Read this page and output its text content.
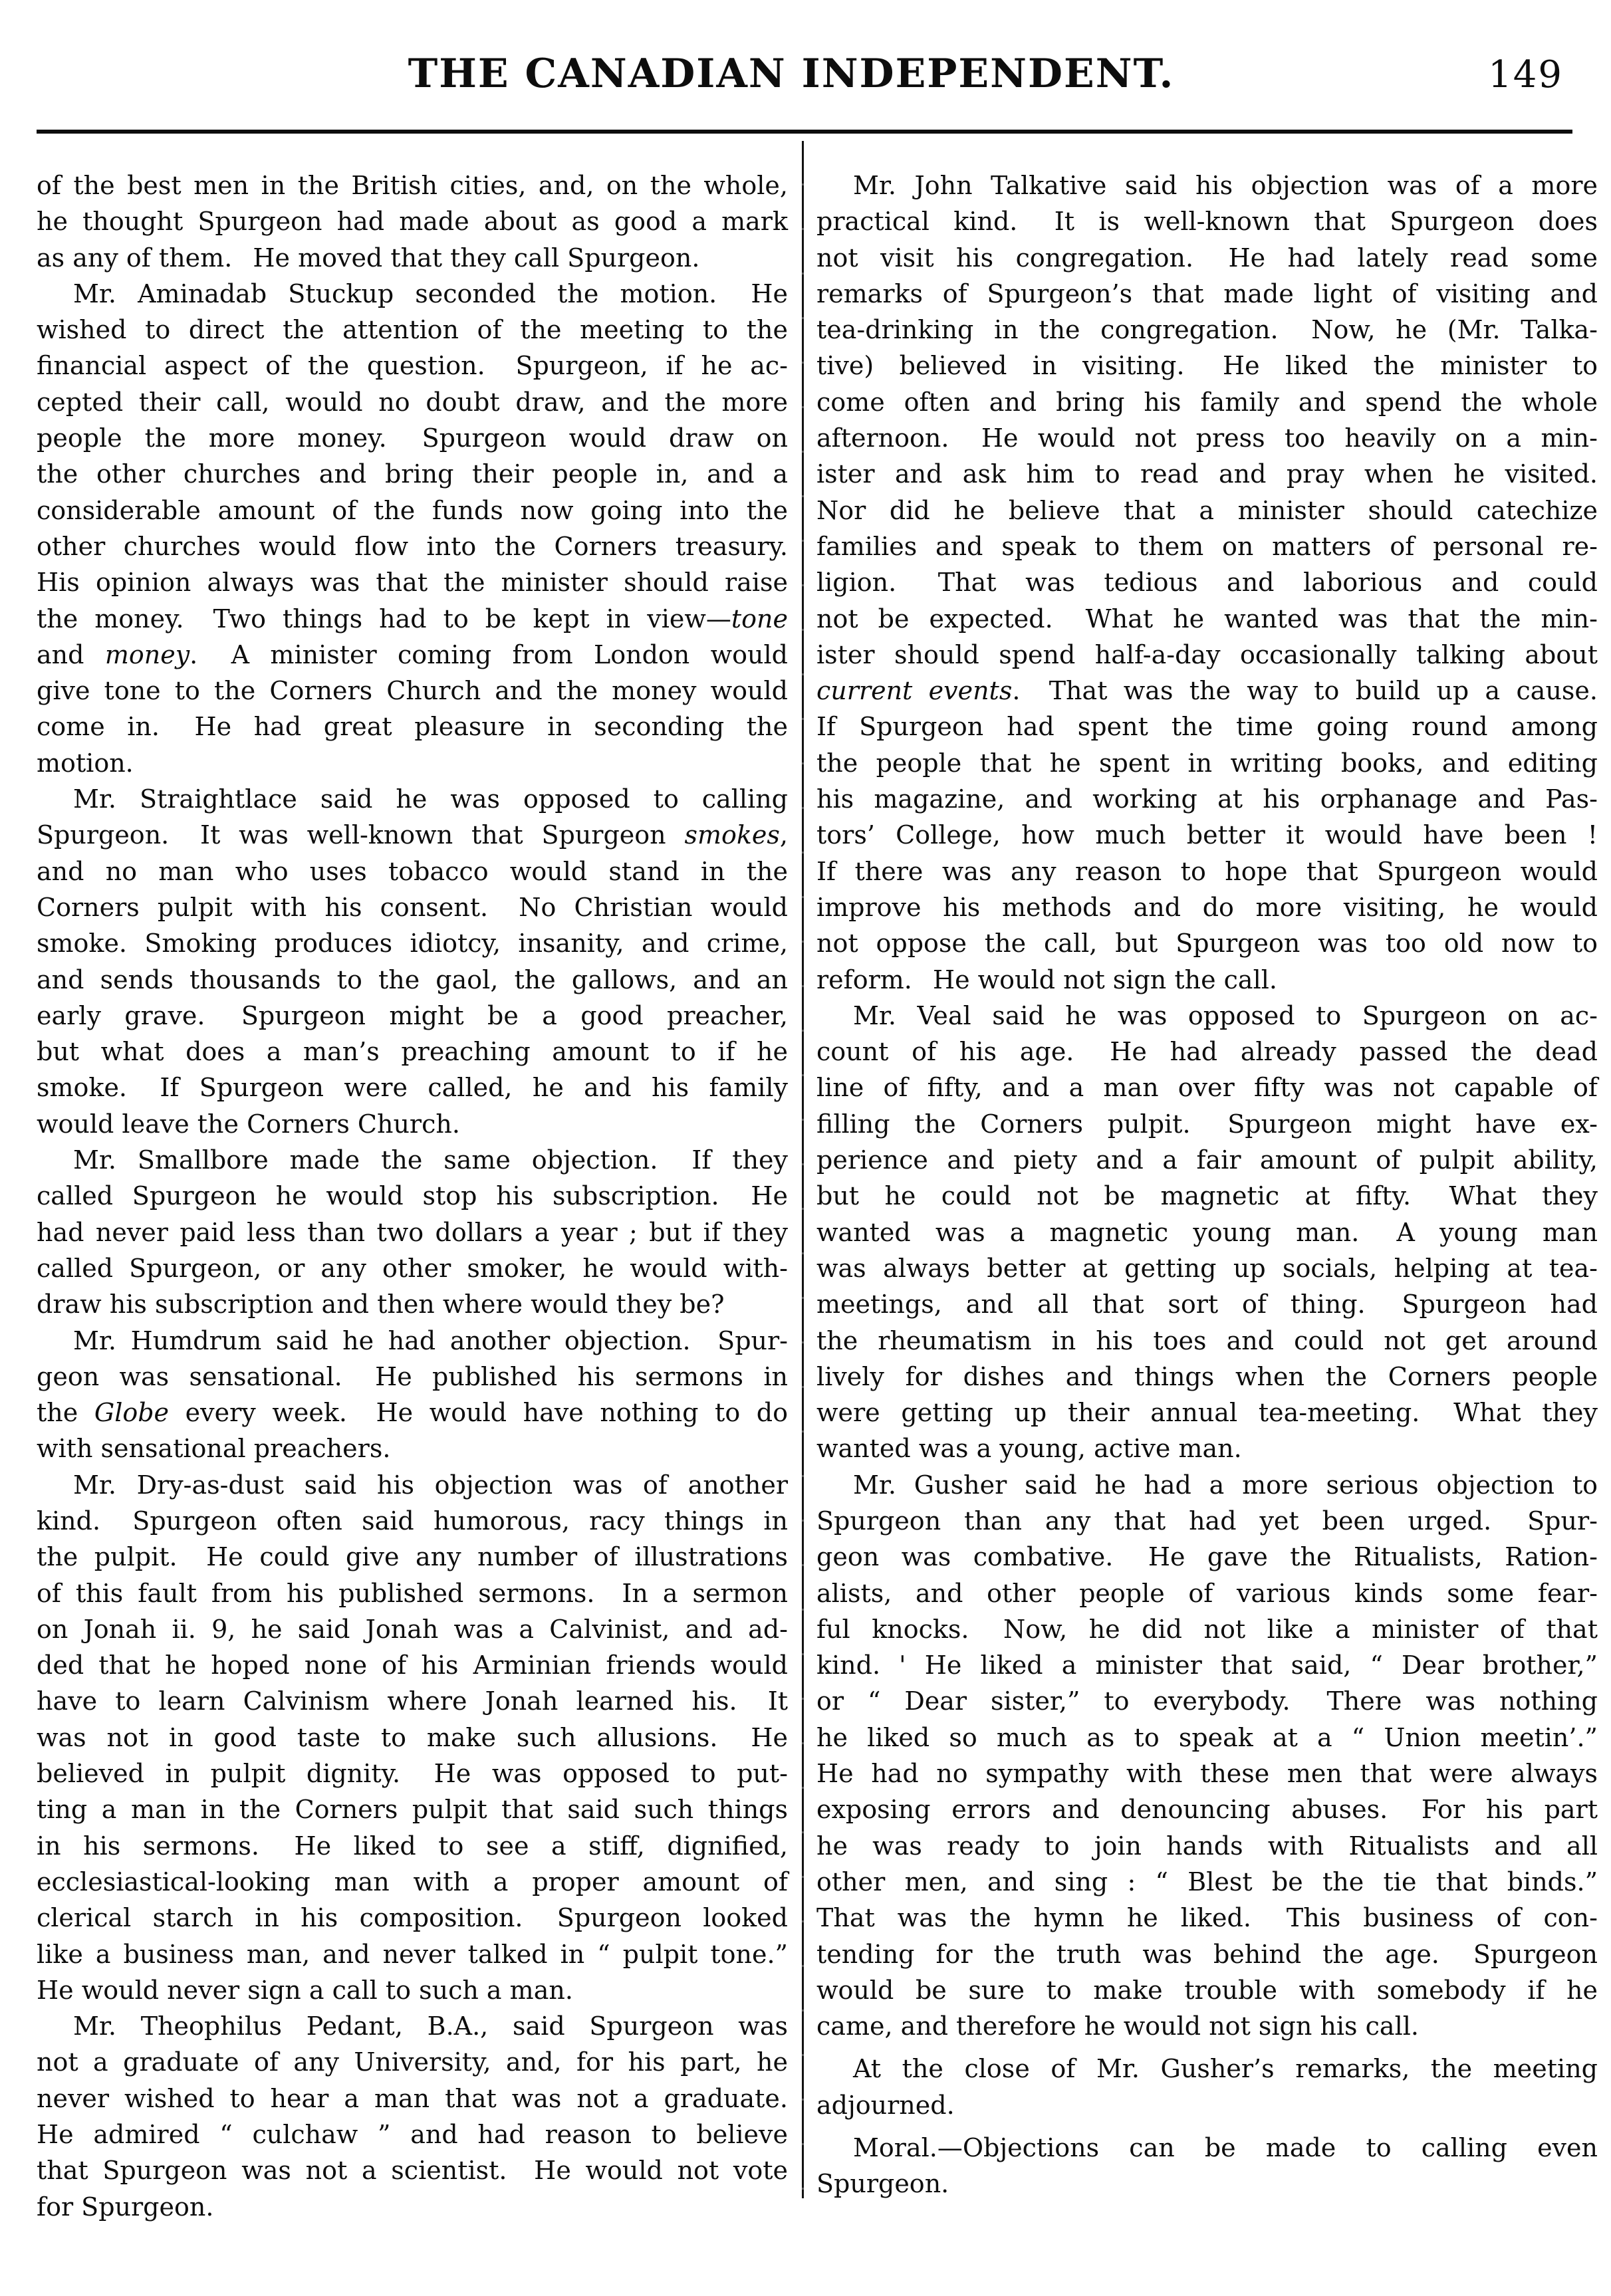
THE CANADIAN INDEPENDENT.	149
of the best men in the British cities, and, on the whole,
he thought Spurgeon had made about as good a mark
as any of them.  He moved that they call Spurgeon.
Mr. Aminadab Stuckup seconded the motion.  He
wished to direct the attention of the meeting to the
financial aspect of the question.  Spurgeon, if he ac-
cepted their call, would no doubt draw, and the more
people the more money.  Spurgeon would draw on
the other churches and bring their people in, and a
considerable amount of the funds now going into the
other churches would flow into the Corners treasury.
His opinion always was that the minister should raise
the money.  Two things had to be kept in view—tone
and money.  A minister coming from London would
give tone to the Corners Church and the money would
come in.  He had great pleasure in seconding the
motion.
Mr. Straightlace said he was opposed to calling
Spurgeon.  It was well-known that Spurgeon smokes,
and no man who uses tobacco would stand in the
Corners pulpit with his consent.  No Christian would
smoke. Smoking produces idiotcy, insanity, and crime,
and sends thousands to the gaol, the gallows, and an
early grave.  Spurgeon might be a good preacher,
but what does a man’s preaching amount to if he
smoke.  If Spurgeon were called, he and his family
would leave the Corners Church.
Mr. Smallbore made the same objection.  If they
called Spurgeon he would stop his subscription.  He
had never paid less than two dollars a year ; but if they
called Spurgeon, or any other smoker, he would with-
draw his subscription and then where would they be?
Mr. Humdrum said he had another objection.  Spur-
geon was sensational.  He published his sermons in
the Globe every week.  He would have nothing to do
with sensational preachers.
Mr. Dry-as-dust said his objection was of another
kind.  Spurgeon often said humorous, racy things in
the pulpit.  He could give any number of illustrations
of this fault from his published sermons.  In a sermon
on Jonah ii. 9, he said Jonah was a Calvinist, and ad-
ded that he hoped none of his Arminian friends would
have to learn Calvinism where Jonah learned his.  It
was not in good taste to make such allusions.  He
believed in pulpit dignity.  He was opposed to put-
ting a man in the Corners pulpit that said such things
in his sermons.  He liked to see a stiff, dignified,
ecclesiastical-looking man with a proper amount of
clerical starch in his composition.  Spurgeon looked
like a business man, and never talked in “ pulpit tone.”
He would never sign a call to such a man.
Mr. Theophilus Pedant, B.A., said Spurgeon was
not a graduate of any University, and, for his part, he
never wished to hear a man that was not a graduate.
He admired “ culchaw ” and had reason to believe
that Spurgeon was not a scientist.  He would not vote
for Spurgeon.
Mr. John Talkative said his objection was of a more
practical kind.  It is well-known that Spurgeon does
not visit his congregation.  He had lately read some
remarks of Spurgeon’s that made light of visiting and
tea-drinking in the congregation.  Now, he (Mr. Talka-
tive) believed in visiting.  He liked the minister to
come often and bring his family and spend the whole
afternoon.  He would not press too heavily on a min-
ister and ask him to read and pray when he visited.
Nor did he believe that a minister should catechize
families and speak to them on matters of personal re-
ligion.  That was tedious and laborious and could
not be expected.  What he wanted was that the min-
ister should spend half-a-day occasionally talking about
current events.  That was the way to build up a cause.
If Spurgeon had spent the time going round among
the people that he spent in writing books, and editing
his magazine, and working at his orphanage and Pas-
tors’ College, how much better it would have been !
If there was any reason to hope that Spurgeon would
improve his methods and do more visiting, he would
not oppose the call, but Spurgeon was too old now to
reform.  He would not sign the call.
Mr. Veal said he was opposed to Spurgeon on ac-
count of his age.  He had already passed the dead
line of fifty, and a man over fifty was not capable of
filling the Corners pulpit.  Spurgeon might have ex-
perience and piety and a fair amount of pulpit ability,
but he could not be magnetic at fifty.  What they
wanted was a magnetic young man.  A young man
was always better at getting up socials, helping at tea-
meetings, and all that sort of thing.  Spurgeon had
the rheumatism in his toes and could not get around
lively for dishes and things when the Corners people
were getting up their annual tea-meeting.  What they
wanted was a young, active man.
Mr. Gusher said he had a more serious objection to
Spurgeon than any that had yet been urged.  Spur-
geon was combative.  He gave the Ritualists, Ration-
alists, and other people of various kinds some fear-
ful knocks.  Now, he did not like a minister of that
kind. ' He liked a minister that said, “ Dear brother,”
or “ Dear sister,” to everybody.  There was nothing
he liked so much as to speak at a “ Union meetin’.”
He had no sympathy with these men that were always
exposing errors and denouncing abuses.  For his part
he was ready to join hands with Ritualists and all
other men, and sing : “ Blest be the tie that binds.”
That was the hymn he liked.  This business of con-
tending for the truth was behind the age.  Spurgeon
would be sure to make trouble with somebody if he
came, and therefore he would not sign his call.
At the close of Mr. Gusher’s remarks, the meeting
adjourned.
Moral.—Objections can be made to calling even
Spurgeon.
